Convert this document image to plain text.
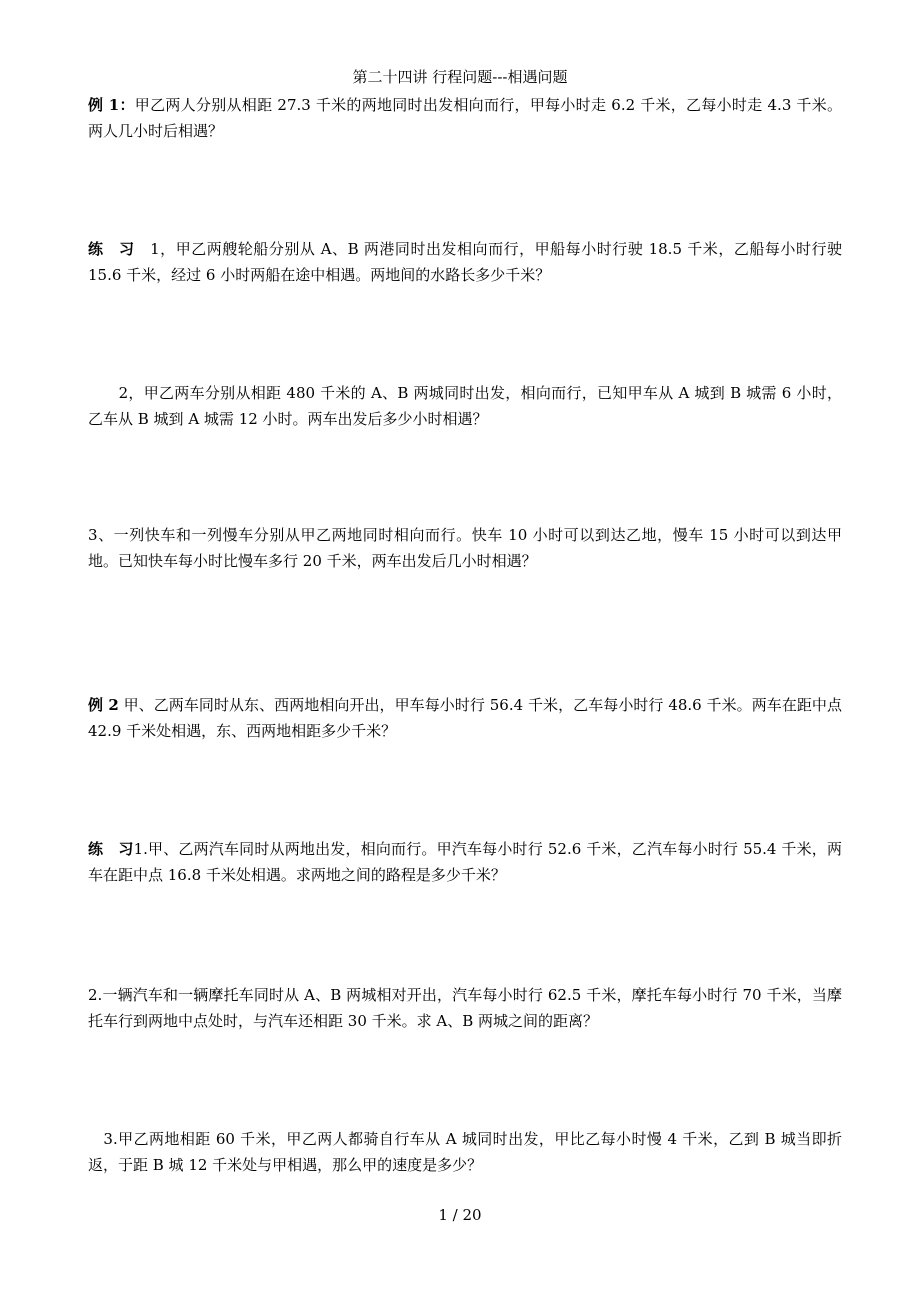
第二十四讲 行程问题---相遇问题
例 1：甲乙两人分别从相距 27.3 千米的两地同时出发相向而行，甲每小时走 6.2 千米，乙每小时走 4.3 千米。两人几小时后相遇？
练　习　1，甲乙两艘轮船分别从 A、B 两港同时出发相向而行，甲船每小时行驶 18.5 千米，乙船每小时行驶 15.6 千米，经过 6 小时两船在途中相遇。两地间的水路长多少千米？
　　2，甲乙两车分别从相距 480 千米的 A、B 两城同时出发，相向而行，已知甲车从 A 城到 B 城需 6 小时，乙车从 B 城到 A 城需 12 小时。两车出发后多少小时相遇？
3、一列快车和一列慢车分别从甲乙两地同时相向而行。快车 10 小时可以到达乙地，慢车 15 小时可以到达甲地。已知快车每小时比慢车多行 20 千米，两车出发后几小时相遇？
例 2 甲、乙两车同时从东、西两地相向开出，甲车每小时行 56.4 千米，乙车每小时行 48.6 千米。两车在距中点 42.9 千米处相遇，东、西两地相距多少千米？
练　习1.甲、乙两汽车同时从两地出发，相向而行。甲汽车每小时行 52.6 千米，乙汽车每小时行 55.4 千米，两车在距中点 16.8 千米处相遇。求两地之间的路程是多少千米？
2.一辆汽车和一辆摩托车同时从 A、B 两城相对开出，汽车每小时行 62.5 千米，摩托车每小时行 70 千米，当摩托车行到两地中点处时，与汽车还相距 30 千米。求 A、B 两城之间的距离？
　3.甲乙两地相距 60 千米，甲乙两人都骑自行车从 A 城同时出发，甲比乙每小时慢 4 千米，乙到 B 城当即折返，于距 B 城 12 千米处与甲相遇，那么甲的速度是多少？
1 / 20
